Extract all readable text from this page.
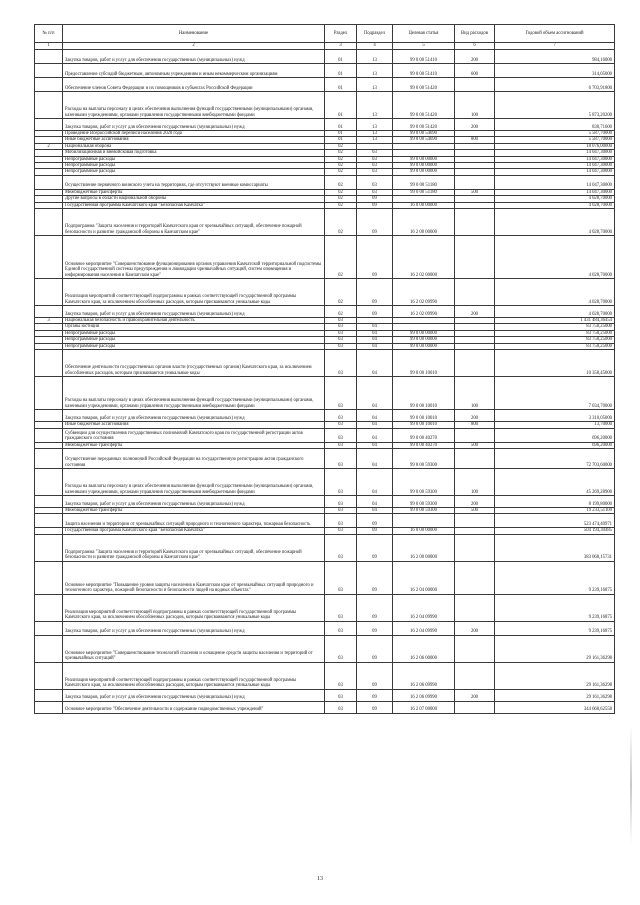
№ п/п	Наименование	Раздел	Подраздел	Целевая статья	Вид расходов	Годовой объем ассигнований
1	2	3	4	5	6	7
	Закупка товаров, работ и услуг для обеспечения государственных (муниципальных) нужд	01	13	99 0 00 51410	200	984,16000
	Предоставление субсидий бюджетным, автономным учреждениям и иным некоммерческим организациям	01	13	99 0 00 51410	600	314,05000
	Обеспечение членов Совета Федерации и их помощников в субъектах Российской Федерации	01	13	99 0 00 51420		6 703,91800
	Расходы на выплаты персоналу в целях обеспечения выполнения функций государственными (муниципальными) органами, казенными учреждениями, органами управления государственными внебюджетными фондами	01	13	99 0 00 51420	100	5 873,20200
	Закупка товаров, работ и услуг для обеспечения государственных (муниципальных) нужд	01	13	99 0 00 51420	200	830,71600
	Проведение Всероссийской переписи населения 2020 года	01	13	99 0 00 54690		5 587,70000
	Иные бюджетные ассигнования	01	13	99 0 00 54690	800	5 587,70000
2	Национальная оборона	02				18 076,00000
	Мобилизационная и вневойсковая подготовка	02	03			14 047,30000
	Непрограммные расходы	02	03	99 0 00 00000		14 047,30000
	Непрограммные расходы	02	03	99 0 00 00000		14 047,30000
	Непрограммные расходы	02	03	99 0 00 00000		14 047,30000
	Осуществление первичного воинского учета на территориях, где отсутствуют военные комиссариаты	02	03	99 0 00 51180		14 047,30000
	Межбюджетные трансферты	02	03	99 0 00 51180	500	14 047,30000
	Другие вопросы в области национальной обороны	02	09			4 028,70000
	Государственная программа Камчатского края "Безопасная Камчатка"	02	09	16 0 00 00000		4 028,70000
	Подпрограмма "Защита населения и территорий Камчатского края от чрезвычайных ситуаций, обеспечение пожарной безопасности и развитие гражданской обороны в Камчатском крае"	02	09	16 2 00 00000		4 028,70000
	Основное мероприятие "Совершенствование функционирования органов управления Камчатской территориальной подсистемы Единой государственной системы предупреждения и ликвидации чрезвычайных ситуаций, систем оповещения и информирования населения в Камчатском крае"	02	09	16 2 02 00000		4 028,70000
	Реализация мероприятий соответствующей подпрограммы в рамках соответствующей государственной программы Камчатского края, за исключением обособленных расходов, которым присваиваются уникальные коды	02	09	16 2 02 09990		4 028,70000
	Закупка товаров, работ и услуг для обеспечения государственных (муниципальных) нужд	02	09	16 2 02 09990	200	4 028,70000
3	Национальная безопасность и правоохранительная деятельность	03				1 431 484,36454
	Органы юстиции	03	04			83 758,25000
	Непрограммные расходы	03	04	99 0 00 00000		83 758,25000
	Непрограммные расходы	03	04	99 0 00 00000		83 758,25000
	Непрограммные расходы	03	04	99 0 00 00000		83 758,25000
	Обеспечение деятельности государственных органов власти (государственных органов) Камчатского края, за исключением обособленных расходов, которым присваиваются уникальные коды	03	04	99 0 00 10010		10 358,45000
	Расходы на выплаты персоналу в целях обеспечения выполнения функций государственными (муниципальными) органами, казенными учреждениями, органами управления государственными внебюджетными фондами	03	04	99 0 00 10010	100	7 034,70000
	Закупка товаров, работ и услуг для обеспечения государственных (муниципальных) нужд	03	04	99 0 00 10010	200	3 310,05000
	Иные бюджетные ассигнования	03	04	99 0 00 10010	800	13,70000
	Субвенции для осуществления государственных полномочий Камчатского края по государственной регистрации актов гражданского состояния	03	04	99 0 00 40270		696,20000
	Межбюджетные трансферты	03	04	99 0 00 40270	500	696,20000
	Осуществление переданных полномочий Российской Федерации на государственную регистрацию актов гражданского состояния	03	04	99 0 00 59300		72 703,60000
	Расходы на выплаты персоналу в целях обеспечения выполнения функций государственными (муниципальными) органами, казенными учреждениями, органами управления государственными внебюджетными фондами	03	04	99 0 00 59300	100	45 269,28900
	Закупка товаров, работ и услуг для обеспечения государственных (муниципальных) нужд	03	04	99 0 00 59300	200	8 199,80000
	Межбюджетные трансферты	03	04	99 0 00 59300	500	19 233,51100
	Защита населения и территории от чрезвычайных ситуаций природного и техногенного характера, пожарная безопасность	03	09			523 474,40971
	Государственная программа Камчатского края "Безопасная Камчатка"	03	09	16 0 00 00000		504 194,30485
	Подпрограмма "Защита населения и территорий Камчатского края от чрезвычайных ситуаций, обеспечение пожарной безопасности и развитие гражданской обороны в Камчатском крае"	03	09	16 2 00 00000		383 068,15731
	Основное мероприятие "Повышение уровня защиты населения в Камчатском крае от чрезвычайных ситуаций природного и техногенного характера, пожарной безопасности и безопасности людей на водных объектах"	03	09	16 2 04 00000		9 239,16875
	Реализация мероприятий соответствующей подпрограммы в рамках соответствующей государственной программы Камчатского края, за исключением обособленных расходов, которым присваиваются уникальные коды	03	09	16 2 04 09990		9 239,16875
	Закупка товаров, работ и услуг для обеспечения государственных (муниципальных) нужд	03	09	16 2 04 09990	200	9 239,16875
	Основное мероприятие "Совершенствование технологий спасения и оснащение средств защиты населения и территорий от чрезвычайных ситуаций"	03	09	16 2 06 00000		29 161,36298
	Реализация мероприятий соответствующей подпрограммы в рамках соответствующей государственной программы Камчатского края, за исключением обособленных расходов, которым присваиваются уникальные коды	03	09	16 2 06 09990		29 161,36298
	Закупка товаров, работ и услуг для обеспечения государственных (муниципальных) нужд	03	09	16 2 06 09990	200	29 161,36298
	Основное мероприятие "Обеспечение деятельности и содержание подведомственных учреждений"	03	09	16 2 07 00000		344 668,62558
13
